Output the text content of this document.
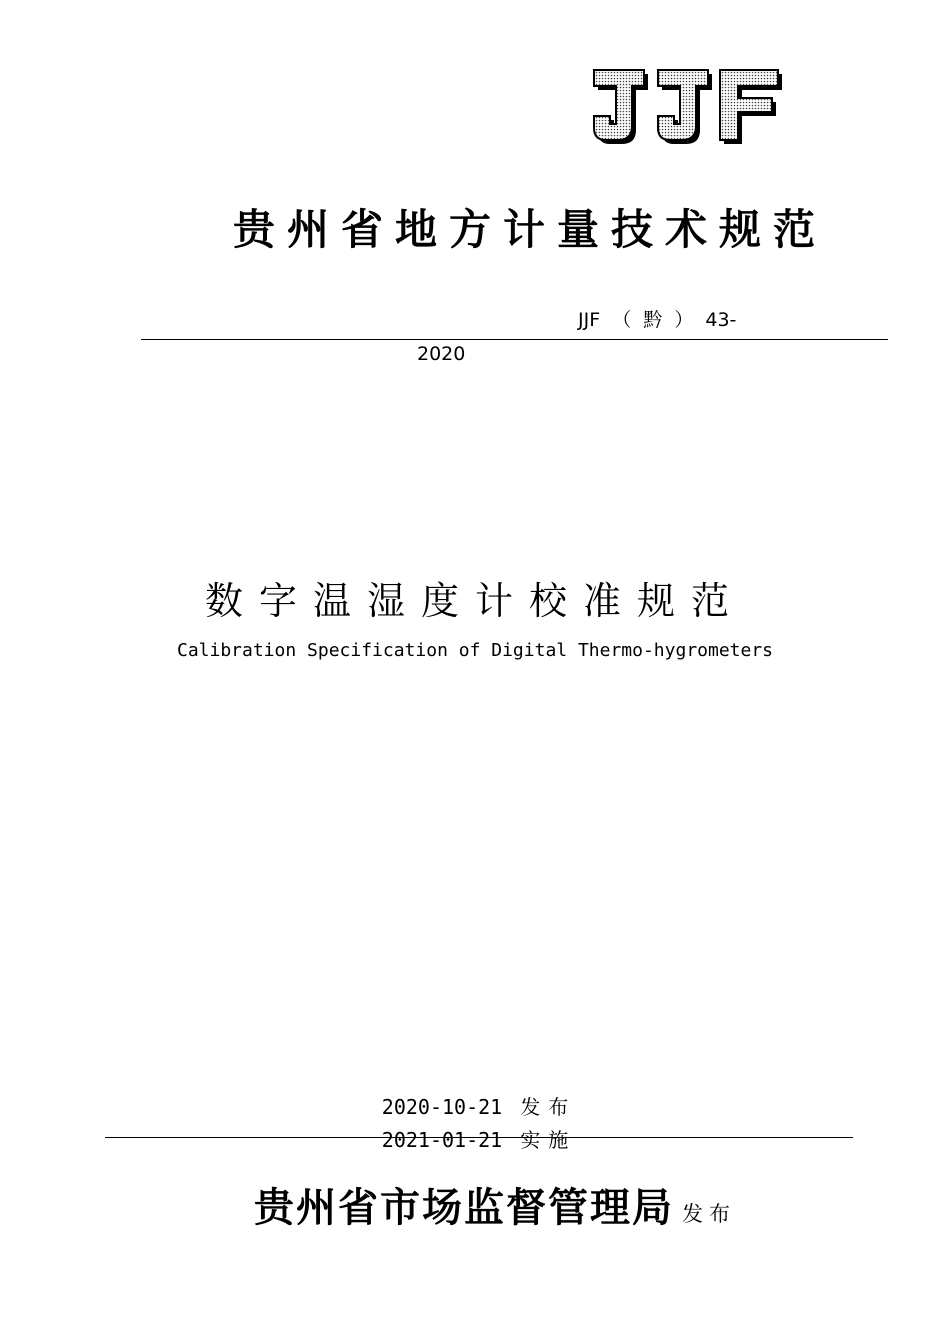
贵州省地方计量技术规范
JJF （ 黔 ） 43-
2020
数字温湿度计校准规范
Calibration Specification of Digital Thermo-hygrometers
2020-10-21 发布
2021-01-21 实施
贵州省市场监督管理局 发布
